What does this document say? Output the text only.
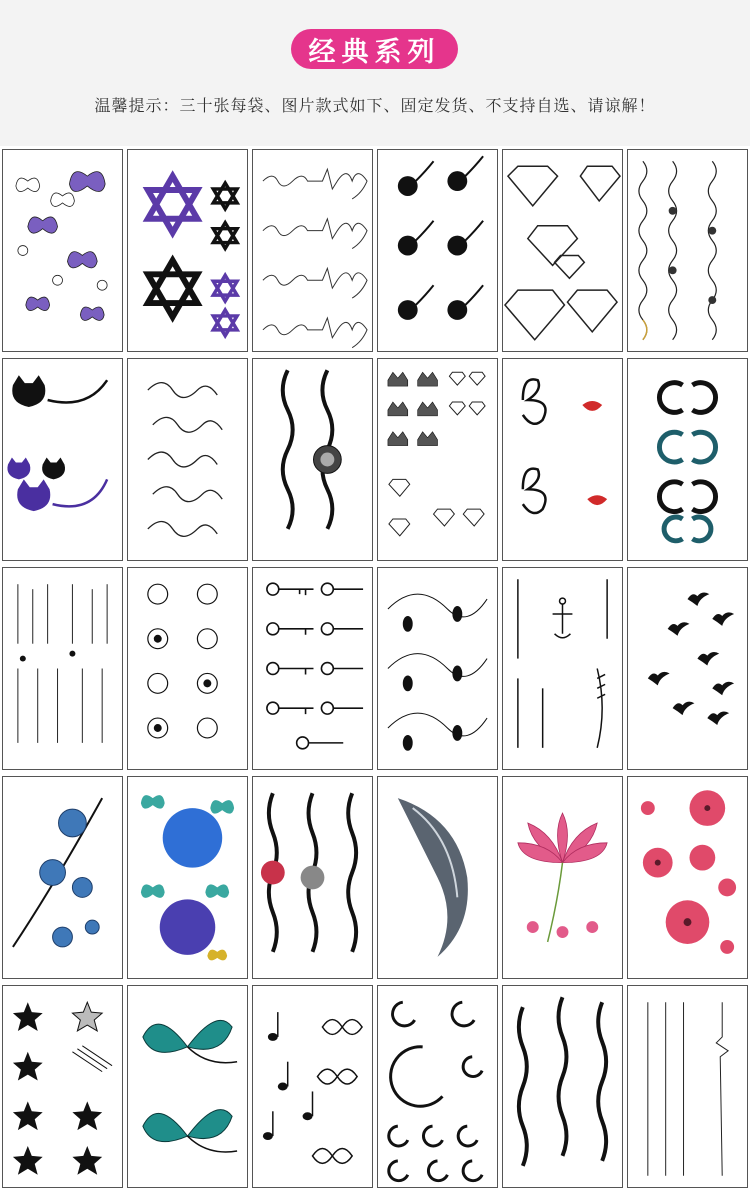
经典系列
温馨提示：三十张每袋、图片款式如下、固定发货、不支持自选、请谅解！
